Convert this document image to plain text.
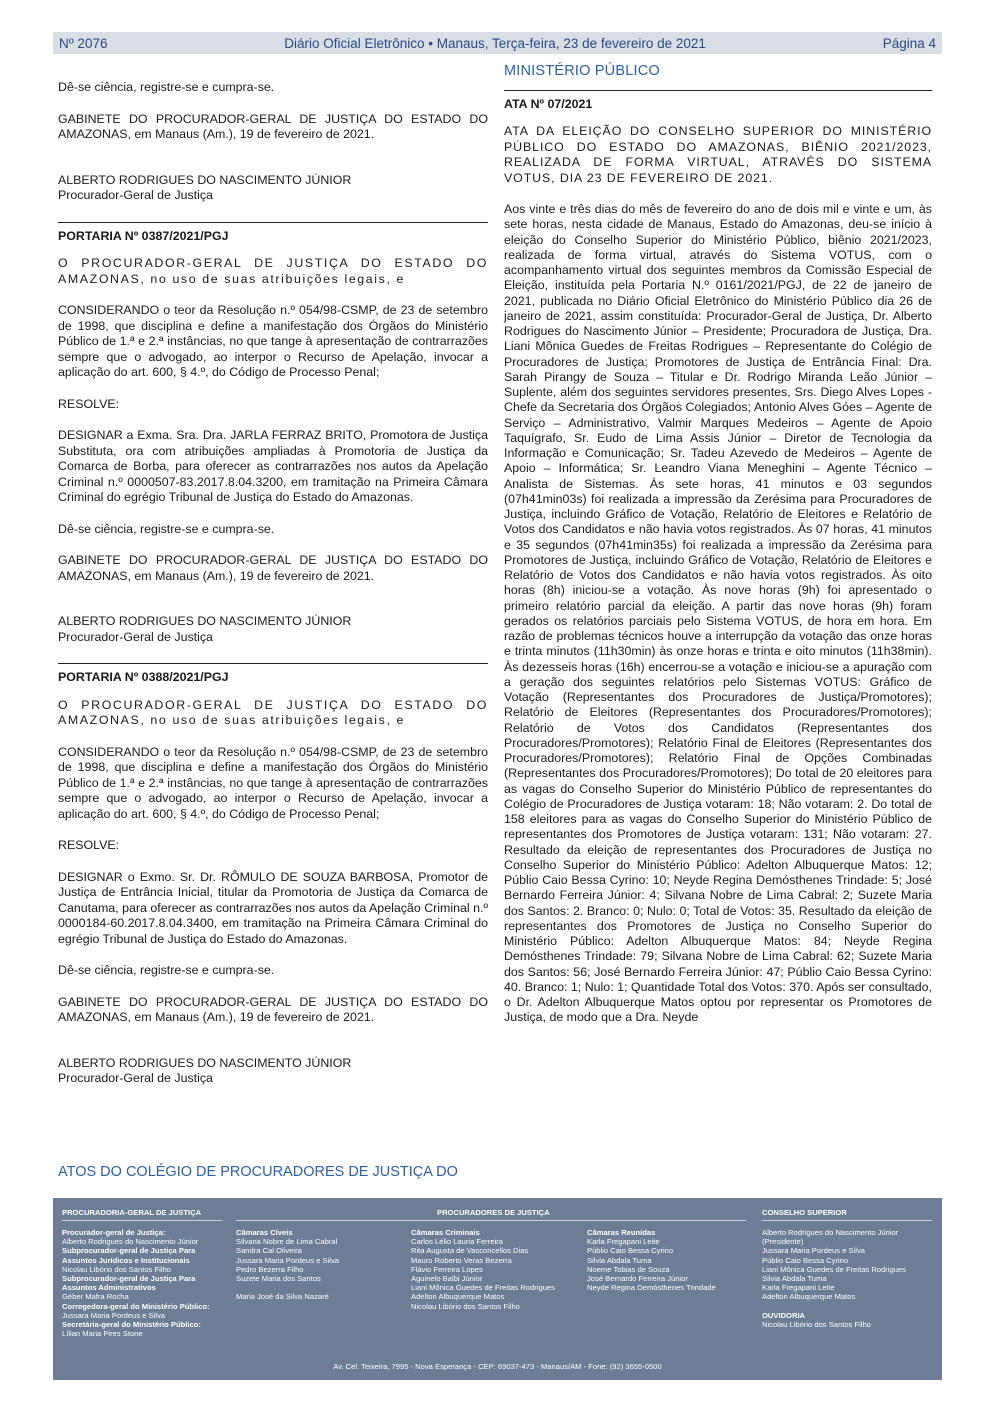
Nº 2076	Diário Oficial Eletrônico • Manaus, Terça-feira, 23 de fevereiro de 2021	Página 4

Dê-se ciência, registre-se e cumpra-se.

GABINETE DO PROCURADOR-GERAL DE JUSTIÇA DO ESTADO DO AMAZONAS, em Manaus (Am.), 19 de fevereiro de 2021.

ALBERTO RODRIGUES DO NASCIMENTO JÚNIOR

Procurador-Geral de Justiça

PORTARIA Nº 0387/2021/PGJ

O PROCURADOR-GERAL DE JUSTIÇA DO ESTADO DO AMAZONAS, no uso de suas atribuições legais, e

CONSIDERANDO o teor da Resolução n.º 054/98-CSMP, de 23 de setembro de 1998, que disciplina e define a manifestação dos Órgãos do Ministério Público de 1.ª e 2.ª instâncias, no que tange à apresentação de contrarrazões sempre que o advogado, ao interpor o Recurso de Apelação, invocar a aplicação do art. 600, § 4.º, do Código de Processo Penal;

RESOLVE:

DESIGNAR a Exma. Sra. Dra. JARLA FERRAZ BRITO, Promotora de Justiça Substituta, ora com atribuições ampliadas à Promotoria de Justiça da Comarca de Borba, para oferecer as contrarrazões nos autos da Apelação Criminal n.º 0000507-83.2017.8.04.3200, em tramitação na Primeira Câmara Criminal do egrégio Tribunal de Justiça do Estado do Amazonas.

Dê-se ciência, registre-se e cumpra-se.

GABINETE DO PROCURADOR-GERAL DE JUSTIÇA DO ESTADO DO AMAZONAS, em Manaus (Am.), 19 de fevereiro de 2021.

ALBERTO RODRIGUES DO NASCIMENTO JÚNIOR

Procurador-Geral de Justiça

PORTARIA Nº 0388/2021/PGJ

O PROCURADOR-GERAL DE JUSTIÇA DO ESTADO DO AMAZONAS, no uso de suas atribuições legais, e

CONSIDERANDO o teor da Resolução n.º 054/98-CSMP, de 23 de setembro de 1998, que disciplina e define a manifestação dos Órgãos do Ministério Público de 1.ª e 2.ª instâncias, no que tange à apresentação de contrarrazões sempre que o advogado, ao interpor o Recurso de Apelação, invocar a aplicação do art. 600, § 4.º, do Código de Processo Penal;

RESOLVE:

DESIGNAR o Exmo. Sr. Dr. RÔMULO DE SOUZA BARBOSA, Promotor de Justiça de Entrância Inicial, titular da Promotoria de Justiça da Comarca de Canutama, para oferecer as contrarrazões nos autos da Apelação Criminal n.º 0000184-60.2017.8.04.3400, em tramitação na Primeira Câmara Criminal do egrégio Tribunal de Justiça do Estado do Amazonas.

Dê-se ciência, registre-se e cumpra-se.

GABINETE DO PROCURADOR-GERAL DE JUSTIÇA DO ESTADO DO AMAZONAS, em Manaus (Am.), 19 de fevereiro de 2021.

ALBERTO RODRIGUES DO NASCIMENTO JÚNIOR

Procurador-Geral de Justiça

MINISTÉRIO PÚBLICO
ATA Nº 07/2021

ATA DA ELEIÇÃO DO CONSELHO SUPERIOR DO MINISTÉRIO PÚBLICO DO ESTADO DO AMAZONAS, BIÊNIO 2021/2023, REALIZADA DE FORMA VIRTUAL, ATRAVÉS DO SISTEMA VOTUS, DIA 23 DE FEVEREIRO DE 2021.

Aos vinte e três dias do mês de fevereiro do ano de dois mil e vinte e um, às sete horas, nesta cidade de Manaus, Estado do Amazonas, deu-se início à eleição do Conselho Superior do Ministério Público, biênio 2021/2023, realizada de forma virtual, através do Sistema VOTUS, com o acompanhamento virtual dos seguintes membros da Comissão Especial de Eleição, instituída pela Portaria N.º 0161/2021/PGJ, de 22 de janeiro de 2021, publicada no Diário Oficial Eletrônico do Ministério Público dia 26 de janeiro de 2021, assim constituída: Procurador-Geral de Justiça, Dr. Alberto Rodrigues do Nascimento Júnior – Presidente; Procuradora de Justiça, Dra. Liani Mônica Guedes de Freitas Rodrigues – Representante do Colégio de Procuradores de Justiça; Promotores de Justiça de Entrância Final: Dra. Sarah Pirangy de Souza – Titular e Dr. Rodrigo Miranda Leão Júnior – Suplente, além dos seguintes servidores presentes, Srs. Diego Alves Lopes - Chefe da Secretaria dos Órgãos Colegiados; Antonio Alves Góes – Agente de Serviço – Administrativo, Valmir Marques Medeiros – Agente de Apoio Taquígrafo, Sr. Eudo de Lima Assis Júnior – Diretor de Tecnologia da Informação e Comunicação; Sr. Tadeu Azevedo de Medeiros – Agente de Apoio – Informática; Sr. Leandro Viana Meneghini – Agente Técnico – Analista de Sistemas. Às sete horas, 41 minutos e 03 segundos (07h41min03s) foi realizada a impressão da Zerésima para Procuradores de Justiça, incluindo Gráfico de Votação, Relatório de Eleitores e Relatório de Votos dos Candidatos e não havia votos registrados. Às 07 horas, 41 minutos e 35 segundos (07h41min35s) foi realizada a impressão da Zerésima para Promotores de Justiça, incluindo Gráfico de Votação, Relatório de Eleitores e Relatório de Votos dos Candidatos e não havia votos registrados. Às oito horas (8h) iniciou-se a votação. Às nove horas (9h) foi apresentado o primeiro relatório parcial da eleição. A partir das nove horas (9h) foram gerados os relatórios parciais pelo Sistema VOTUS, de hora em hora. Em razão de problemas técnicos houve a interrupção da votação das onze horas e trinta minutos (11h30min) às onze horas e trinta e oito minutos (11h38min). Às dezesseis horas (16h) encerrou-se a votação e iniciou-se a apuração com a geração dos seguintes relatórios pelo Sistemas VOTUS: Gráfico de Votação (Representantes dos Procuradores de Justiça/Promotores); Relatório de Eleitores (Representantes dos Procuradores/Promotores); Relatório de Votos dos Candidatos (Representantes dos Procuradores/Promotores); Relatório Final de Eleitores (Representantes dos Procuradores/Promotores); Relatório Final de Opções Combinadas (Representantes dos Procuradores/Promotores); Do total de 20 eleitores para as vagas do Conselho Superior do Ministério Público de representantes do Colégio de Procuradores de Justiça votaram: 18; Não votaram: 2. Do total de 158 eleitores para as vagas do Conselho Superior do Ministério Público de representantes dos Promotores de Justiça votaram: 131; Não votaram: 27. Resultado da eleição de representantes dos Procuradores de Justiça no Conselho Superior do Ministério Público: Adelton Albuquerque Matos: 12; Públio Caio Bessa Cyrino: 10; Neyde Regina Demósthenes Trindade: 5; José Bernardo Ferreira Júnior: 4; Silvana Nobre de Lima Cabral: 2; Suzete Maria dos Santos: 2. Branco: 0; Nulo: 0; Total de Votos: 35. Resultado da eleição de representantes dos Promotores de Justiça no Conselho Superior do Ministério Público: Adelton Albuquerque Matos: 84; Neyde Regina Demósthenes Trindade: 79; Silvana Nobre de Lima Cabral: 62; Suzete Maria dos Santos: 56; José Bernardo Ferreira Júnior: 47; Públio Caio Bessa Cyrino: 40. Branco: 1; Nulo: 1; Quantidade Total dos Votos: 370. Após ser consultado, o Dr. Adelton Albuquerque Matos optou por representar os Promotores de Justiça, de modo que a Dra. Neyde

ATOS DO COLÉGIO DE PROCURADORES DE JUSTIÇA DO
PROCURADORIA-GERAL DE JUSTIÇA	PROCURADORES DE JUSTIÇA	CONSELHO SUPERIOR
Procurador-geral de Justiça:
Alberto Rodrigues do Nascimento Júnior
Subprocurador-geral de Justiça Para
Assuntos Jurídicos e Institucionais
Nicolau Libório dos Santos Filho
Subprocurador-geral de Justiça Para
Assuntos Administrativos
Géber Mafra Rocha
Corregedora-geral do Ministério Público:
Jussara Maria Pordeus e Silva
Secretária-geral do Ministério Público:
Lílian Maria Pires Stone
Câmaras Cíveis
Silvana Nobre de Lima Cabral
Sandra Cal Oliveira
Jussara Maria Pordeus e Silva
Pedro Bezerra Filho
Suzete Maria dos Santos
Maria José da Silva Nazaré
Câmaras Criminais
Carlos Lélio Lauria Ferreira
Rita Augusta de Vasconcellos Dias
Mauro Roberto Veras Bezerra
Flávio Ferreira Lopes
Aguinelo Balbi Júnior
Liani Mônica Guedes de Freitas Rodrigues
Adelton Albuquerque Matos
Nicolau Libório dos Santos Filho
Câmaras Reunidas
Karla Fregapani Leite
Públio Caio Bessa Cyrino
Silvia Abdala Tuma
Noeme Tobias de Souza
José Bernardo Ferreira Júnior
Neyde Regina Demósthenes Trindade
Alberto Rodrigues do Nascimento Júnior
(Presidente)
Jussara Maria Pordeus e Silva
Públio Caio Bessa Cyrino
Liani Mônica Guedes de Freitas Rodrigues
Silvia Abdala Tuma
Karla Fregapani Leite
Adelton Albuquerque Matos
OUVIDORIA
Nicolau Libório dos Santos Filho
Av. Cel. Teixeira, 7995 - Nova Esperança - CEP: 69037-473 - Manaus/AM - Fone: (92) 3655-0500
